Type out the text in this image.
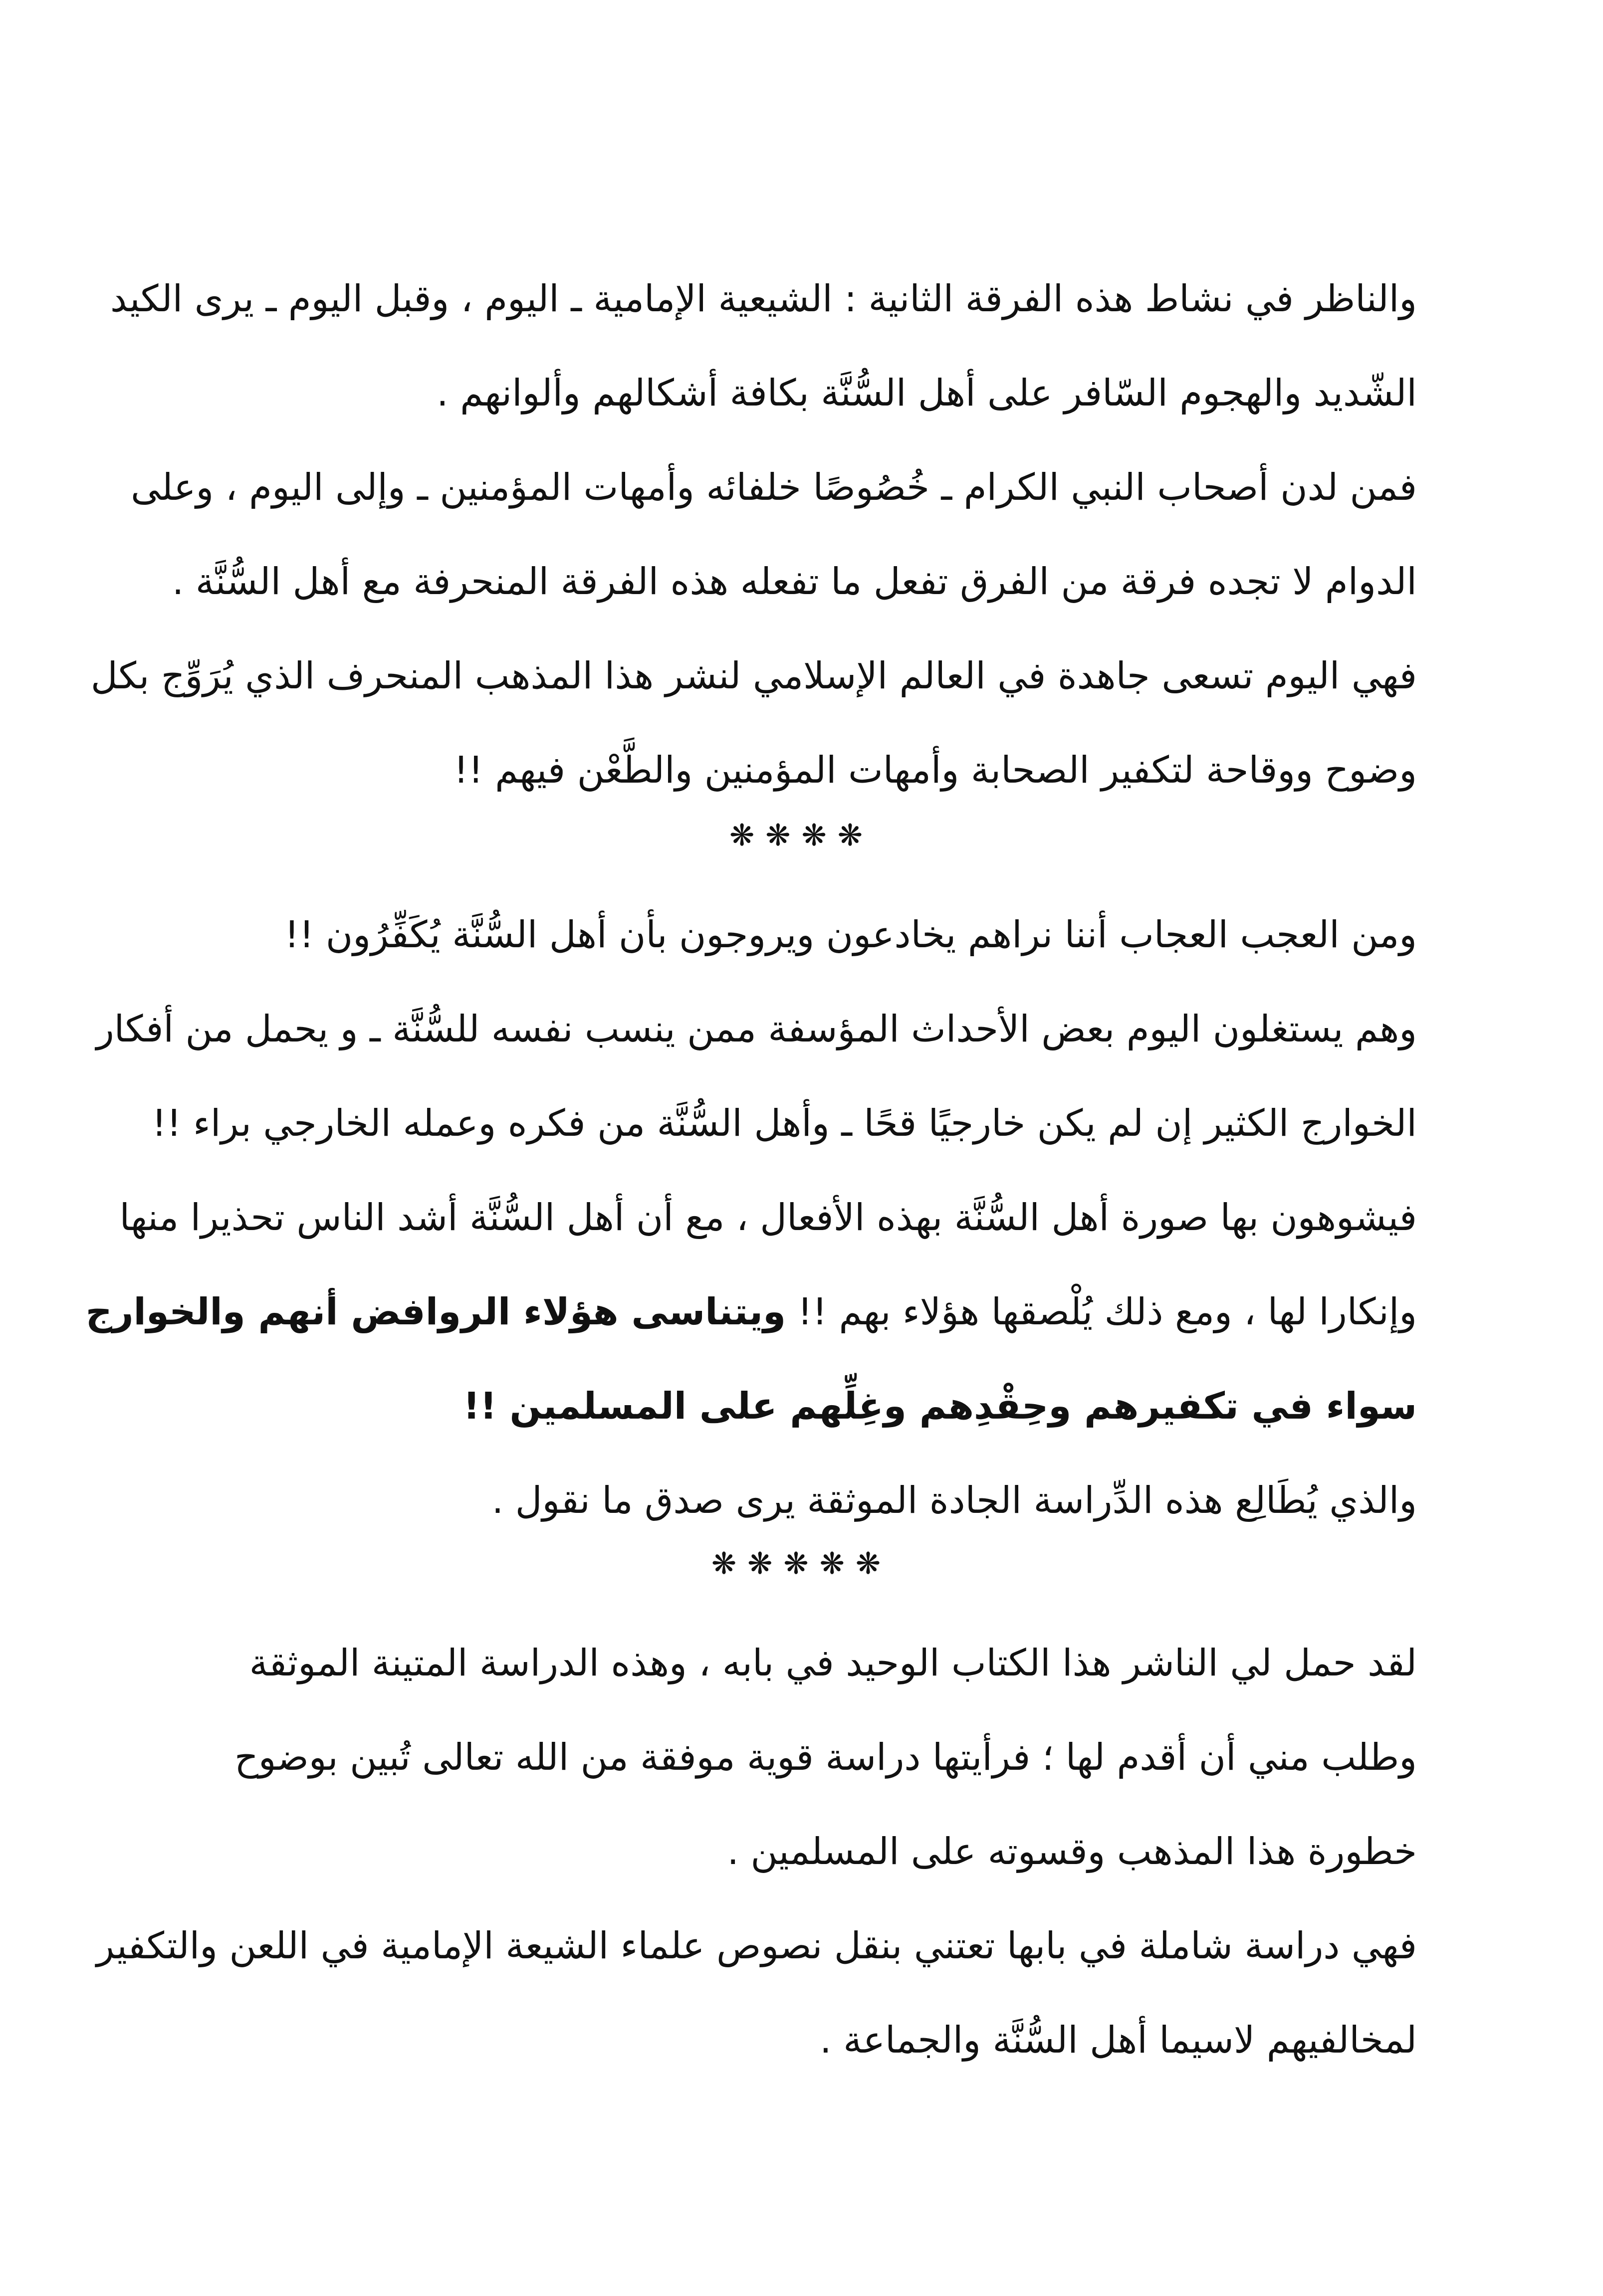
والناظر في نشاط هذه الفرقة الثانية : الشيعية الإمامية ـ اليوم ، وقبل اليوم ـ يرى الكيد
الشّديد والهجوم السّافر على أهل السُّنَّة بكافة أشكالهم وألوانهم .

فمن لدن أصحاب النبي الكرام ـ خُصُوصًا خلفائه وأمهات المؤمنين ـ وإلى اليوم ، وعلى
الدوام لا تجده فرقة من الفرق تفعل ما تفعله هذه الفرقة المنحرفة مع أهل السُّنَّة .

فهي اليوم تسعى جاهدة في العالم الإسلامي لنشر هذا المذهب المنحرف الذي يُرَوِّج بكل
وضوح ووقاحة لتكفير الصحابة وأمهات المؤمنين والطَّعْن فيهم !!

❋❋❋❋

ومن العجب العجاب أننا نراهم يخادعون ويروجون بأن أهل السُّنَّة يُكَفِّرُون !!

وهم يستغلون اليوم بعض الأحداث المؤسفة ممن ينسب نفسه للسُّنَّة ـ و يحمل من أفكار
الخوارج الكثير إن لم يكن خارجيًا قحًا ـ وأهل السُّنَّة من فكره وعمله الخارجي براء !!
فيشوهون بها صورة أهل السُّنَّة بهذه الأفعال ، مع أن أهل السُّنَّة أشد الناس تحذيرا منها
وإنكارا لها ، ومع ذلك يُلْصقها هؤلاء بهم !! ويتناسى هؤلاء الروافض أنهم والخوارج
سواء في تكفيرهم وحِقْدِهم وغِلِّهم على المسلمين !!

والذي يُطَالِع هذه الدِّراسة الجادة الموثقة يرى صدق ما نقول .

❋❋❋❋❋

لقد حمل لي الناشر هذا الكتاب الوحيد في بابه ، وهذه الدراسة المتينة الموثقة
وطلب مني أن أقدم لها ؛ فرأيتها دراسة قوية موفقة من الله تعالى تُبين بوضوح
خطورة هذا المذهب وقسوته على المسلمين .

فهي دراسة شاملة في بابها تعتني بنقل نصوص علماء الشيعة الإمامية في اللعن والتكفير
لمخالفيهم لاسيما أهل السُّنَّة والجماعة .
